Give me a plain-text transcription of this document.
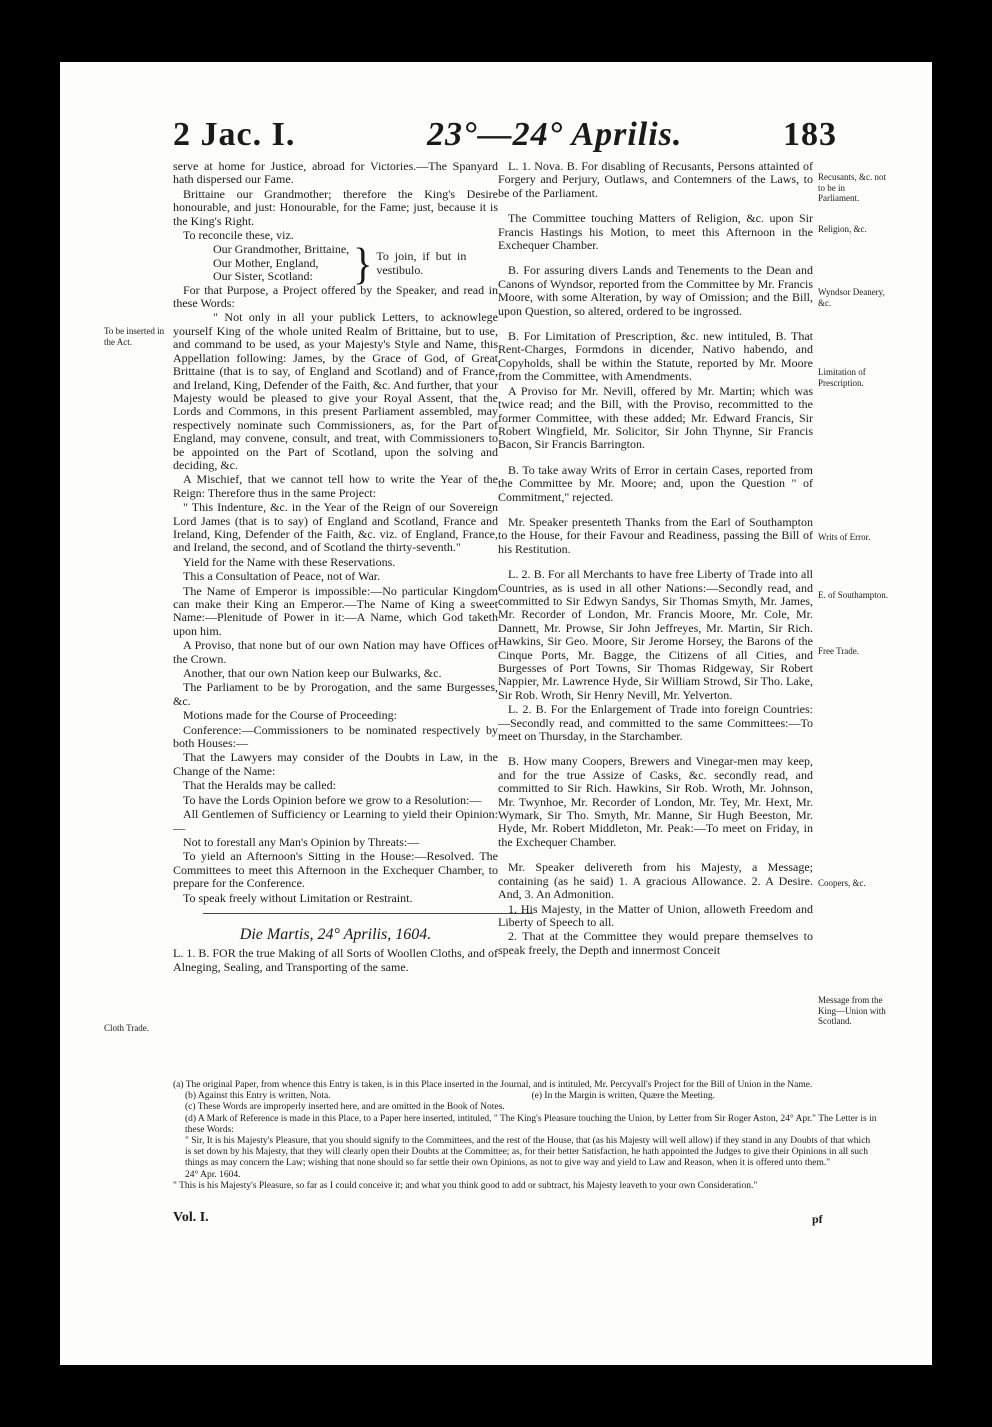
2 Jac. I.	23°—24° Aprilis.	183
To be inserted in the Act.
Cloth Trade.
Recusants, &c. not to be in Parliament.
Religion, &c.
Wyndsor Deanery, &c.
Limitation of Prescription.
Writs of Error.
E. of Southampton.
Free Trade.
Coopers, &c.
Message from the King—Union with Scotland.

serve at home for Justice, abroad for Victories.—The Spanyard hath dispersed our Fame.

Brittaine our Grandmother; therefore the King's Desire honourable, and just: Honourable, for the Fame; just, because it is the King's Right.

To reconcile these, viz.

Our Grandmother, Brittaine,
Our Mother, England,
Our Sister, Scotland:	} To join, if but in vestibulo.

For that Purpose, a Project offered by the Speaker, and read in these Words:

" Not only in all your publick Letters, to acknowlege yourself King of the whole united Realm of Brittaine, but to use, and command to be used, as your Majesty's Style and Name, this Appellation following: James, by the Grace of God, of Great Brittaine (that is to say, of England and Scotland) and of France, and Ireland, King, Defender of the Faith, &c. And further, that your Majesty would be pleased to give your Royal Assent, that the Lords and Commons, in this present Parliament assembled, may respectively nominate such Commissioners, as, for the Part of England, may convene, consult, and treat, with Commissioners to be appointed on the Part of Scotland, upon the solving and deciding, &c.

A Mischief, that we cannot tell how to write the Year of the Reign: Therefore thus in the same Project:

" This Indenture, &c. in the Year of the Reign of our Sovereign Lord James (that is to say) of England and Scotland, France and Ireland, King, Defender of the Faith, &c. viz. of England, France, and Ireland, the second, and of Scotland the thirty-seventh."

Yield for the Name with these Reservations.

This a Consultation of Peace, not of War.

The Name of Emperor is impossible:—No particular Kingdom can make their King an Emperor.—The Name of King a sweet Name:—Plenitude of Power in it:—A Name, which God taketh upon him.

A Proviso, that none but of our own Nation may have Offices of the Crown.

Another, that our own Nation keep our Bulwarks, &c.

The Parliament to be by Prorogation, and the same Burgesses, &c.

Motions made for the Course of Proceeding:

Conference:—Commissioners to be nominated respectively by both Houses:—

That the Lawyers may consider of the Doubts in Law, in the Change of the Name:

That the Heralds may be called:

To have the Lords Opinion before we grow to a Resolution:—

All Gentlemen of Sufficiency or Learning to yield their Opinion:—

Not to forestall any Man's Opinion by Threats:—

To yield an Afternoon's Sitting in the House:—Resolved. The Committees to meet this Afternoon in the Exchequer Chamber, to prepare for the Conference.

To speak freely without Limitation or Restraint.

Die Martis, 24° Aprilis, 1604.

L. 1. B. FOR the true Making of all Sorts of Woollen Cloths, and of Alneging, Sealing, and Transporting of the same.

L. 1. Nova. B. For disabling of Recusants, Persons attainted of Forgery and Perjury, Outlaws, and Contemners of the Laws, to be of the Parliament.

The Committee touching Matters of Religion, &c. upon Sir Francis Hastings his Motion, to meet this Afternoon in the Exchequer Chamber.

B. For assuring divers Lands and Tenements to the Dean and Canons of Wyndsor, reported from the Committee by Mr. Francis Moore, with some Alteration, by way of Omission; and the Bill, upon Question, so altered, ordered to be ingrossed.

B. For Limitation of Prescription, &c. new intituled, B. That Rent-Charges, Formdons in dicender, Nativo habendo, and Copyholds, shall be within the Statute, reported by Mr. Moore from the Committee, with Amendments.

A Proviso for Mr. Nevill, offered by Mr. Martin; which was twice read; and the Bill, with the Proviso, recommitted to the former Committee, with these added; Mr. Edward Francis, Sir Robert Wingfield, Mr. Solicitor, Sir John Thynne, Sir Francis Bacon, Sir Francis Barrington.

B. To take away Writs of Error in certain Cases, reported from the Committee by Mr. Moore; and, upon the Question " of Commitment," rejected.

Mr. Speaker presenteth Thanks from the Earl of Southampton to the House, for their Favour and Readiness, passing the Bill of his Restitution.

L. 2. B. For all Merchants to have free Liberty of Trade into all Countries, as is used in all other Nations:—Secondly read, and committed to Sir Edwyn Sandys, Sir Thomas Smyth, Mr. James, Mr. Recorder of London, Mr. Francis Moore, Mr. Cole, Mr. Dannett, Mr. Prowse, Sir John Jeffreyes, Mr. Martin, Sir Rich. Hawkins, Sir Geo. Moore, Sir Jerome Horsey, the Barons of the Cinque Ports, Mr. Bagge, the Citizens of all Cities, and Burgesses of Port Towns, Sir Thomas Ridgeway, Sir Robert Nappier, Mr. Lawrence Hyde, Sir William Strowd, Sir Tho. Lake, Sir Rob. Wroth, Sir Henry Nevill, Mr. Yelverton.

L. 2. B. For the Enlargement of Trade into foreign Countries:—Secondly read, and committed to the same Committees:—To meet on Thursday, in the Starchamber.

B. How many Coopers, Brewers and Vinegar-men may keep, and for the true Assize of Casks, &c. secondly read, and committed to Sir Rich. Hawkins, Sir Rob. Wroth, Mr. Johnson, Mr. Twynhoe, Mr. Recorder of London, Mr. Tey, Mr. Hext, Mr. Wymark, Sir Tho. Smyth, Mr. Manne, Sir Hugh Beeston, Mr. Hyde, Mr. Robert Middleton, Mr. Peak:—To meet on Friday, in the Exchequer Chamber.

Mr. Speaker delivereth from his Majesty, a Message; containing (as he said) 1. A gracious Allowance. 2. A Desire. And, 3. An Admonition.

1. His Majesty, in the Matter of Union, alloweth Freedom and Liberty of Speech to all.

2. That at the Committee they would prepare themselves to speak freely, the Depth and innermost Conceit

(a) The original Paper, from whence this Entry is taken, is in this Place inserted in the Journal, and is intituled, Mr. Percyvall's Project for the Bill of Union in the Name.
(b) Against this Entry is written, Nota.	(e) In the Margin is written, Quære the Meeting.
(c) These Words are improperly inserted here, and are omitted in the Book of Notes.
(d) A Mark of Reference is made in this Place, to a Paper here inserted, intituled, " The King's Pleasure touching the Union, by Letter from Sir Roger Aston, 24° Apr." The Letter is in these Words:
" Sir, It is his Majesty's Pleasure, that you should signify to the Committees, and the rest of the House, that (as his Majesty will well allow) if they stand in any Doubts of that which is set down by his Majesty, that they will clearly open their Doubts at the Committee; as, for their better Satisfaction, he hath appointed the Judges to give their Opinions in all such things as may concern the Law; wishing that none should so far settle their own Opinions, as not to give way and yield to Law and Reason, when it is offered unto them."
24° Apr. 1604.
" This is his Majesty's Pleasure, so far as I could conceive it; and what you think good to add or subtract, his Majesty leaveth to your own Consideration."
Vol. I.	pf
